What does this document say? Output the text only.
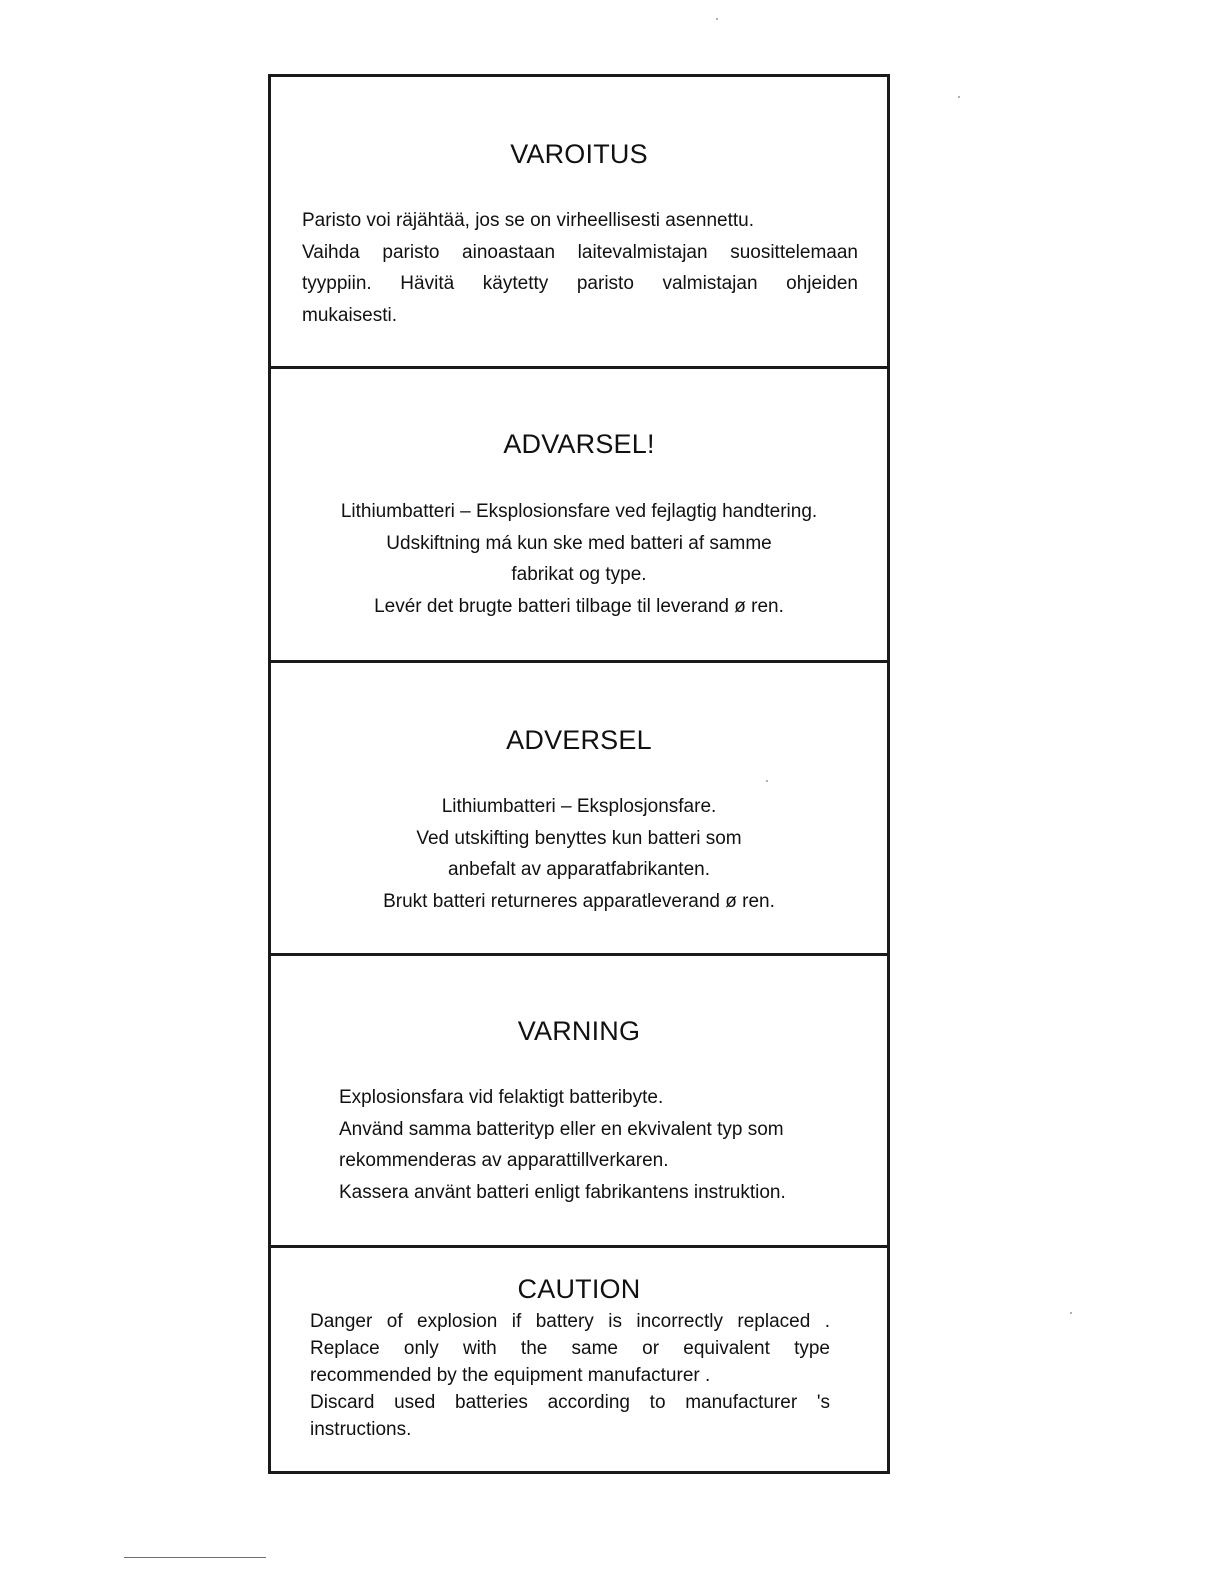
VAROITUS

Paristo voi räjähtää, jos se on virheellisesti asennettu.
Vaihda paristo ainoastaan laitevalmistajan suosittelemaan
tyyppiin. Hävitä käytetty paristo valmistajan ohjeiden
mukaisesti.

ADVARSEL!

Lithiumbatteri – Eksplosionsfare ved fejlagtig handtering.
Udskiftning má kun ske med batteri af samme
fabrikat og type.
Levér det brugte batteri tilbage til leverand ø ren.

ADVERSEL

Lithiumbatteri – Eksplosjonsfare.
Ved utskifting benyttes kun batteri som
anbefalt av apparatfabrikanten.
Brukt batteri returneres apparatleverand ø ren.

VARNING

Explosionsfara vid felaktigt batteribyte.
Använd samma batterityp eller en ekvivalent typ som
rekommenderas av apparattillverkaren.
Kassera använt batteri enligt fabrikantens instruktion.

CAUTION

Danger of explosion if battery is incorrectly replaced .
Replace only with the same or equivalent type
recommended by the equipment manufacturer .
Discard used batteries according to manufacturer 's
instructions.
